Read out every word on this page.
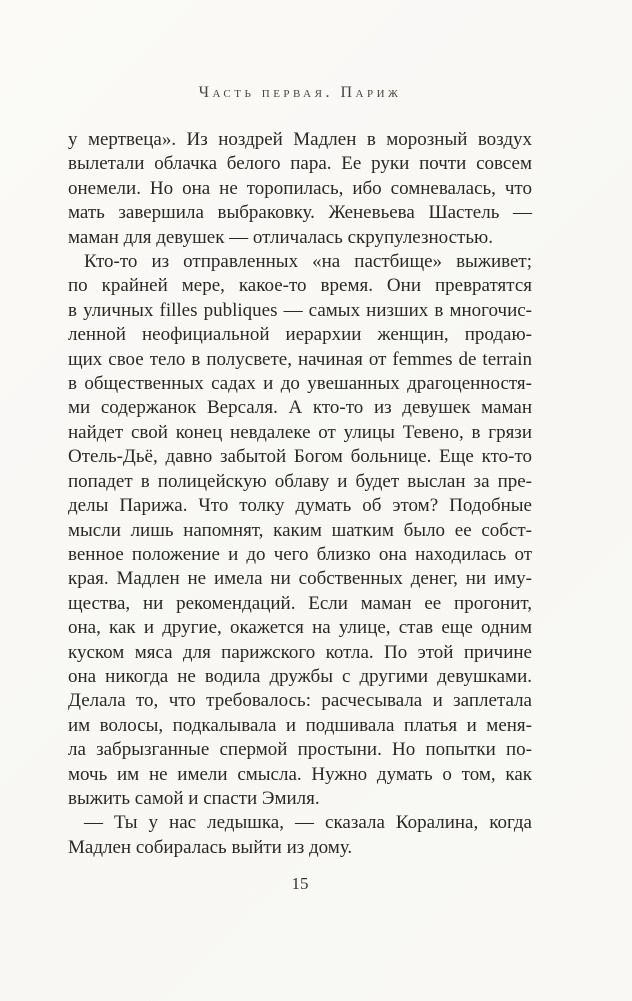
Часть первая. Париж
у мертвеца». Из ноздрей Мадлен в морозный воздух
вылетали облачка белого пара. Ее руки почти совсем
онемели. Но она не торопилась, ибо сомневалась, что
мать завершила выбраковку. Женевьева Шастель —
маман для девушек — отличалась скрупулезностью.
Кто-то из отправленных «на пастбище» выживет;
по крайней мере, какое-то время. Они превратятся
в уличных filles publiques — самых низших в многочис-
ленной неофициальной иерархии женщин, продаю-
щих свое тело в полусвете, начиная от femmes de terrain
в общественных садах и до увешанных драгоценностя-
ми содержанок Версаля. А кто-то из девушек маман
найдет свой конец невдалеке от улицы Тевено, в грязи
Отель-Дьё, давно забытой Богом больнице. Еще кто-то
попадет в полицейскую облаву и будет выслан за пре-
делы Парижа. Что толку думать об этом? Подобные
мысли лишь напомнят, каким шатким было ее собст-
венное положение и до чего близко она находилась от
края. Мадлен не имела ни собственных денег, ни иму-
щества, ни рекомендаций. Если маман ее прогонит,
она, как и другие, окажется на улице, став еще одним
куском мяса для парижского котла. По этой причине
она никогда не водила дружбы с другими девушками.
Делала то, что требовалось: расчесывала и заплетала
им волосы, подкалывала и подшивала платья и меня-
ла забрызганные спермой простыни. Но попытки по-
мочь им не имели смысла. Нужно думать о том, как
выжить самой и спасти Эмиля.
— Ты у нас ледышка, — сказала Коралина, когда
Мадлен собиралась выйти из дому.
15
